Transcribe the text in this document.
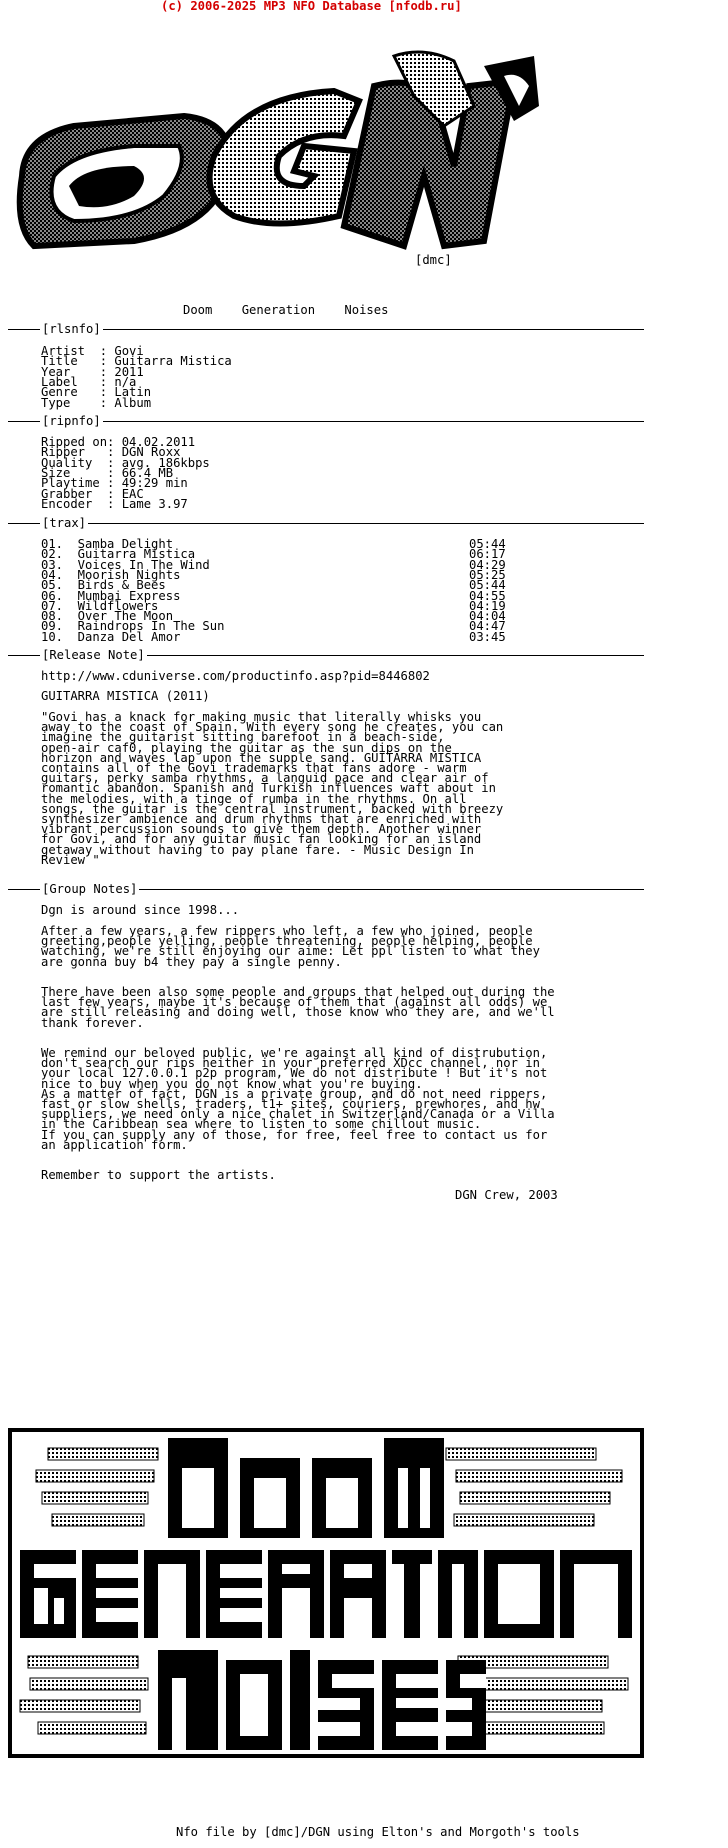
(c) 2006-2025 MP3 NFO Database [nfodb.ru]
[dmc]
Doom    Generation    Noises
[rlsnfo]
[ripnfo]
[trax]
[Release Note]
http://www.cduniverse.com/productinfo.asp?pid=8446802
GUITARRA MISTICA (2011)
[Group Notes]
DGN Crew, 2003
Nfo file by [dmc]/DGN using Elton's and Morgoth's tools
Artist  : Govi
Title   : Guitarra Mistica
Year    : 2011
Label   : n/a
Genre   : Latin
Type    : Album
Ripped on: 04.02.2011
Ripper   : DGN Roxx
Quality  : avg. 186kbps
Size     : 66.4 MB
Playtime : 49:29 min
Grabber  : EAC
Encoder  : Lame 3.97
01.  Samba Delight	05:44
02.  Guitarra Mistica	06:17
03.  Voices In The Wind	04:29
04.  Moorish Nights	05:25
05.  Birds & Bees	05:44
06.  Mumbai Express	04:55
07.  Wildflowers	04:19
08.  Over The Moon	04:04
09.  Raindrops In The Sun	04:47
10.  Danza Del Amor	03:45
"Govi has a knack for making music that literally whisks you
away to the coast of Spain. With every song he creates, you can
imagine the guitarist sitting barefoot in a beach-side,
open-air caf0, playing the guitar as the sun dips on the
horizon and waves lap upon the supple sand. GUITARRA MISTICA
contains all of the Govi trademarks that fans adore - warm
guitars, perky samba rhythms, a languid pace and clear air of
romantic abandon. Spanish and Turkish influences waft about in
the melodies, with a tinge of rumba in the rhythms. On all
songs, the guitar is the central instrument, backed with breezy
synthesizer ambience and drum rhythms that are enriched with
vibrant percussion sounds to give them depth. Another winner
for Govi, and for any guitar music fan looking for an island
getaway without having to pay plane fare. - Music Design In
Review "
Dgn is around since 1998...
After a few years, a few rippers who left, a few who joined, people
greeting,people yelling, people threatening, people helping, people
watching, we're still enjoying our aime: Let ppl listen to what they
are gonna buy b4 they pay a single penny.
There have been also some people and groups that helped out during the
last few years, maybe it's because of them that (against all odds) we
are still releasing and doing well, those know who they are, and we'll
thank forever.
We remind our beloved public, we're against all kind of distrubution,
don't search our rips neither in your preferred XDcc channel, nor in
your local 127.0.0.1 p2p program, We do not distribute ! But it's not
nice to buy when you do not know what you're buying.
As a matter of fact, DGN is a private group, and do not need rippers,
fast or slow shells, traders, t1+ sites, couriers, prewhores, and hw
suppliers, we need only a nice chalet in Switzerland/Canada or a Villa
in the Caribbean sea where to listen to some chillout music.
If you can supply any of those, for free, feel free to contact us for
an application form.
Remember to support the artists.
